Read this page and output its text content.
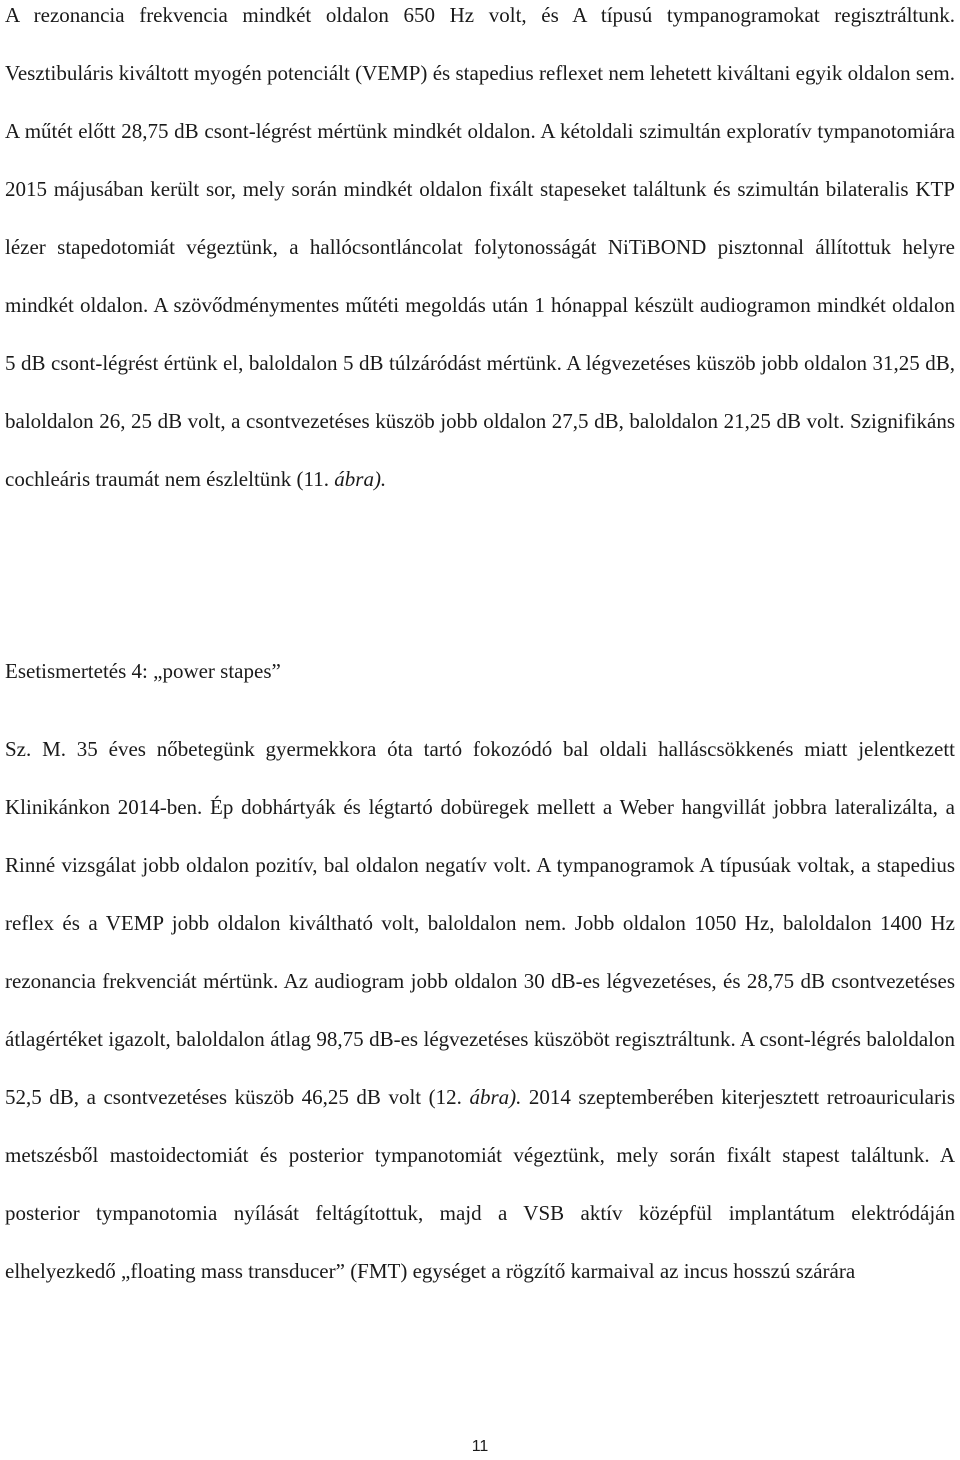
A rezonancia frekvencia mindkét oldalon 650 Hz volt, és A típusú tympanogramokat regisztráltunk. Vesztibuláris kiváltott myogén potenciált (VEMP) és stapedius reflexet nem lehetett kiváltani egyik oldalon sem. A műtét előtt 28,75 dB csont-légrést mértünk mindkét oldalon. A kétoldali szimultán exploratív tympanotomiára 2015 májusában került sor, mely során mindkét oldalon fixált stapeseket találtunk és szimultán bilateralis KTP lézer stapedotomiát végeztünk, a hallócsontláncolat folytonosságát NiTiBOND pisztonnal állítottuk helyre mindkét oldalon. A szövődménymentes műtéti megoldás után 1 hónappal készült audiogramon mindkét oldalon 5 dB csont-légrést értünk el, baloldalon 5 dB túlzáródást mértünk. A légvezetéses küszöb jobb oldalon 31,25 dB, baloldalon 26, 25 dB volt, a csontvezetéses küszöb jobb oldalon 27,5 dB, baloldalon 21,25 dB volt. Szignifikáns cochleáris traumát nem észleltünk (11. ábra).

Esetismertetés 4: „power stapes”

Sz. M. 35 éves nőbetegünk gyermekkora óta tartó fokozódó bal oldali halláscsökkenés miatt jelentkezett Klinikánkon 2014-ben. Ép dobhártyák és légtartó dobüregek mellett a Weber hangvillát jobbra lateralizálta, a Rinné vizsgálat jobb oldalon pozitív, bal oldalon negatív volt. A tympanogramok A típusúak voltak, a stapedius reflex és a VEMP jobb oldalon kiváltható volt, baloldalon nem. Jobb oldalon 1050 Hz, baloldalon 1400 Hz rezonancia frekvenciát mértünk. Az audiogram jobb oldalon 30 dB-es légvezetéses, és 28,75 dB csontvezetéses átlagértéket igazolt, baloldalon átlag 98,75 dB-es légvezetéses küszöböt regisztráltunk. A csont-légrés baloldalon 52,5 dB, a csontvezetéses küszöb 46,25 dB volt (12. ábra). 2014 szeptemberében kiterjesztett retroauricularis metszésből mastoidectomiát és posterior tympanotomiát végeztünk, mely során fixált stapest találtunk. A posterior tympanotomia nyílását feltágítottuk, majd a VSB aktív középfül implantátum elektródáján elhelyezkedő „floating mass transducer” (FMT) egységet a rögzítő karmaival az incus hosszú szárára

11
